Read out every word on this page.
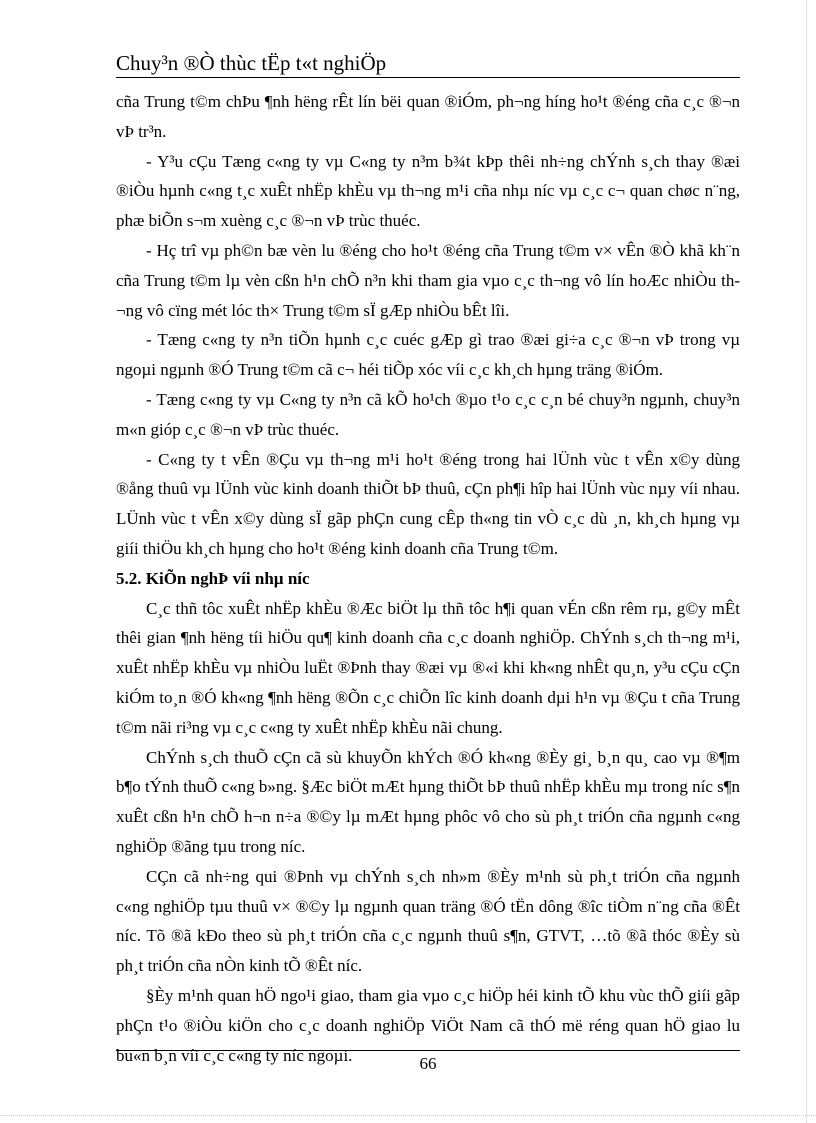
Chuy³n ®Ò thùc tËp t«t nghiÖp

cña Trung t©m chÞu ¶nh hëng rÊt lín bëi quan ®iÓm, ph¬ng híng ho¹t ®éng cña c¸c ®¬n vÞ tr³n.

- Y³u cÇu Tæng c«ng ty vµ C«ng ty n³m b¾t kÞp thêi nh÷ng chÝnh s¸ch thay ®æi ®iÒu hµnh c«ng t¸c xuÊt nhËp khÈu vµ th¬ng m¹i cña nhµ níc vµ c¸c c¬ quan chøc n¨ng, phæ biÕn s¬m xuèng c¸c ®¬n vÞ trùc thuéc.

- Hç trî vµ ph©n bæ vèn lu ®éng cho ho¹t ®éng cña Trung t©m v× vÊn ®Ò khã kh¨n cña Trung t©m lµ vèn cßn h¹n chÕ n³n khi tham gia vµo c¸c th¬ng vô lín hoÆc nhiÒu th¬ng vô cïng mét lóc th× Trung t©m sÏ gÆp nhiÒu bÊt lîi.

- Tæng c«ng ty n³n tiÕn hµnh c¸c cuéc gÆp gì trao ®æi gi÷a c¸c ®¬n vÞ trong vµ ngoµi ngµnh ®Ó Trung t©m cã c¬ héi tiÕp xóc víi c¸c kh¸ch hµng träng ®iÓm.

- Tæng c«ng ty vµ C«ng ty n³n cã kÕ ho¹ch ®µo t¹o c¸c c¸n bé chuy³n ngµnh, chuy³n m«n gióp c¸c ®¬n vÞ trùc thuéc.

- C«ng ty t vÊn ®Çu vµ th¬ng m¹i ho¹t ®éng trong hai lÜnh vùc t vÊn x©y dùng ®ång thuû vµ lÜnh vùc kinh doanh thiÕt bÞ thuû, cÇn ph¶i hîp hai lÜnh vùc nµy víi nhau. LÜnh vùc t vÊn x©y dùng sÏ gãp phÇn cung cÊp th«ng tin vÒ c¸c dù ¸n, kh¸ch hµng vµ giíi thiÖu kh¸ch hµng cho ho¹t ®éng kinh doanh cña Trung t©m.

5.2. KiÕn nghÞ víi nhµ níc

C¸c thñ tôc xuÊt nhËp khÈu ®Æc biÖt lµ thñ tôc h¶i quan vÉn cßn rêm rµ, g©y mÊt thêi gian ¶nh hëng tíi hiÖu qu¶ kinh doanh cña c¸c doanh nghiÖp. ChÝnh s¸ch th¬ng m¹i, xuÊt nhËp khÈu vµ nhiÒu luËt ®Þnh thay ®æi vµ ®«i khi kh«ng nhÊt qu¸n, y³u cÇu cÇn kiÓm to¸n ®Ó kh«ng ¶nh hëng ®Õn c¸c chiÕn lîc kinh doanh dµi h¹n vµ ®Çu t cña Trung t©m nãi ri³ng vµ c¸c c«ng ty xuÊt nhËp khÈu nãi chung.

ChÝnh s¸ch thuÕ cÇn cã sù khuyÕn khÝch ®Ó kh«ng ®Èy gi¸ b¸n qu¸ cao vµ ®¶m b¶o tÝnh thuÕ c«ng b»ng. §Æc biÖt mÆt hµng thiÕt bÞ thuû nhËp khÈu mµ trong níc s¶n xuÊt cßn h¹n chÕ h¬n n÷a ®©y lµ mÆt hµng phôc vô cho sù ph¸t triÓn cña ngµnh c«ng nghiÖp ®ãng tµu trong níc.

CÇn cã nh÷ng qui ®Þnh vµ chÝnh s¸ch nh»m ®Èy m¹nh sù ph¸t triÓn cña ngµnh c«ng nghiÖp tµu thuû v× ®©y lµ ngµnh quan träng ®Ó tËn dông ®îc tiÒm n¨ng cña ®Êt níc. Tõ ®ã kÐo theo sù ph¸t triÓn cña c¸c ngµnh thuû s¶n, GTVT, …tõ ®ã thóc ®Èy sù ph¸t triÓn cña nÒn kinh tÕ ®Êt níc.

§Èy m¹nh quan hÖ ngo¹i giao, tham gia vµo c¸c hiÖp héi kinh tÕ khu vùc thÕ giíi gãp phÇn t¹o ®iÒu kiÖn cho c¸c doanh nghiÖp ViÖt Nam cã thÓ më réng quan hÖ giao lu bu«n b¸n víi c¸c c«ng ty níc ngoµi.	66
